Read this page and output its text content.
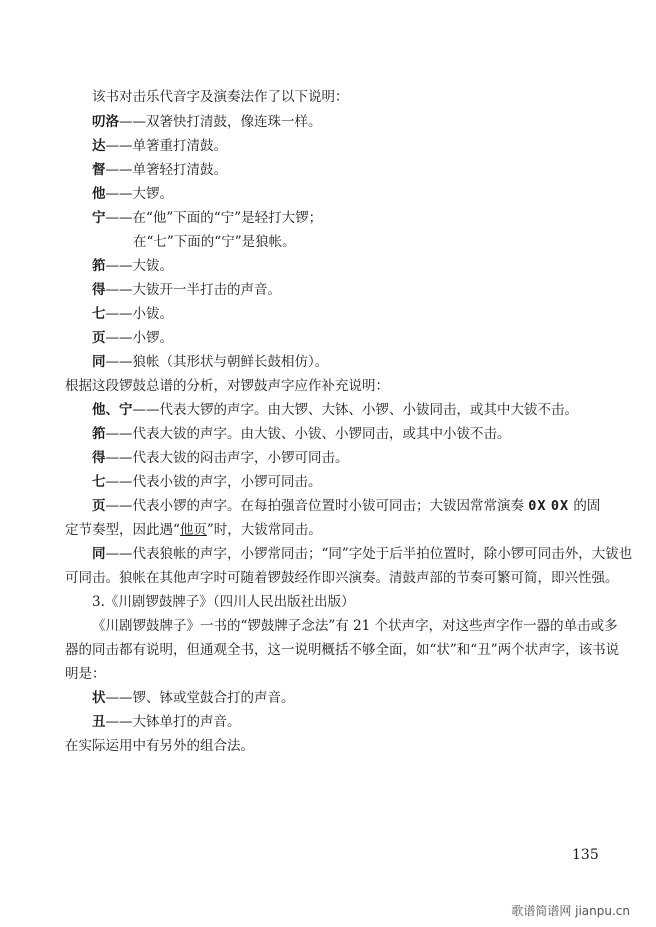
该书对击乐代音字及演奏法作了以下说明：
叨洛——双箸快打清鼓，像连珠一样。
达——单箸重打清鼓。
督——单箸轻打清鼓。
他——大锣。
宁——在“他”下面的“宁”是轻打大锣；
在“七”下面的“宁”是狼帐。
筘——大钹。
得——大钹开一半打击的声音。
七——小钹。
页——小锣。
同——狼帐（其形状与朝鲜长鼓相仿）。
根据这段锣鼓总谱的分析，对锣鼓声字应作补充说明：
他、宁——代表大锣的声字。由大锣、大钵、小锣、小钹同击，或其中大钹不击。
筘——代表大钹的声字。由大钹、小钹、小锣同击，或其中小钹不击。
得——代表大钹的闷击声字，小锣可同击。
七——代表小钹的声字，小锣可同击。
页——代表小锣的声字。在每拍强音位置时小钹可同击；大钹因常常演奏 0X 0X 的固
定节奏型，因此遇“他页”时，大钹常同击。
同——代表狼帐的声字，小锣常同击；“同”字处于后半拍位置时，除小锣可同击外，大钹也
可同击。狼帐在其他声字时可随着锣鼓经作即兴演奏。清鼓声部的节奏可繁可简，即兴性强。
3.《川剧锣鼓牌子》（四川人民出版社出版）
《川剧锣鼓牌子》一书的“锣鼓牌子念法”有 21 个状声字，对这些声字作一器的单击或多
器的同击都有说明，但通观全书，这一说明概括不够全面，如“状”和“丑”两个状声字，该书说
明是：
状——锣、钵或堂鼓合打的声音。
丑——大钵单打的声音。
在实际运用中有另外的组合法。
135
歌谱简谱网 jianpu.cn
